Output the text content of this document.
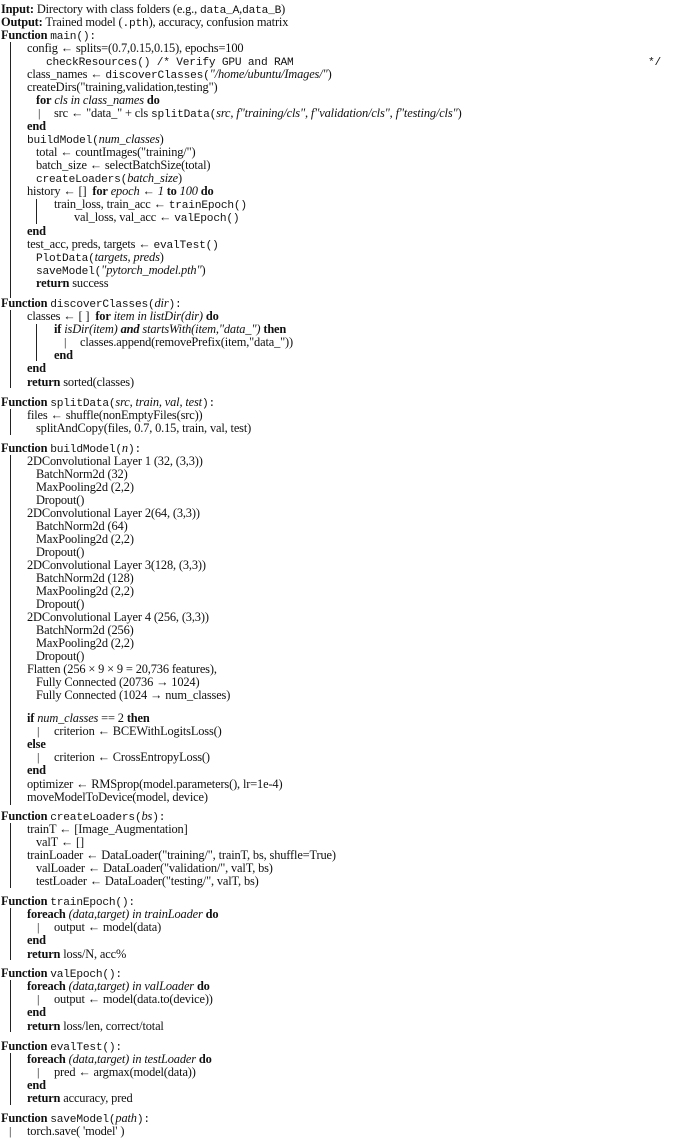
Input: Directory with class folders (e.g., data_A,data_B)
Output: Trained model (.pth), accuracy, confusion matrix
Function main():
config ← splits=(0.7,0.15,0.15), epochs=100
checkResources() /* Verify GPU and RAM	*/
class_names ← discoverClasses("/home/ubuntu/Images/")
createDirs("training,validation,testing")
for cls in class_names do
| src ← "data_" + cls splitData(src, f"training/cls", f"validation/cls", f"testing/cls")
end
buildModel(num_classes)
total ← countImages("training/")
batch_size ← selectBatchSize(total)
createLoaders(batch_size)
history ← [] for epoch ← 1 to 100 do
train_loss, train_acc ← trainEpoch()
val_loss, val_acc ← valEpoch()
end
test_acc, preds, targets ← evalTest()
PlotData(targets, preds)
saveModel("pytorch_model.pth")
return success
Function discoverClasses(dir):
classes ← [ ] for item in listDir(dir) do
if isDir(item) and startsWith(item,"data_") then
| classes.append(removePrefix(item,"data_"))
end
end
return sorted(classes)
Function splitData(src, train, val, test):
files ← shuffle(nonEmptyFiles(src))
splitAndCopy(files, 0.7, 0.15, train, val, test)
Function buildModel(n):
2DConvolutional Layer 1 (32, (3,3))
BatchNorm2d (32)
MaxPooling2d (2,2)
Dropout()
2DConvolutional Layer 2(64, (3,3))
BatchNorm2d (64)
MaxPooling2d (2,2)
Dropout()
2DConvolutional Layer 3(128, (3,3))
BatchNorm2d (128)
MaxPooling2d (2,2)
Dropout()
2DConvolutional Layer 4 (256, (3,3))
BatchNorm2d (256)
MaxPooling2d (2,2)
Dropout()
Flatten (256 × 9 × 9 = 20,736 features),
Fully Connected (20736 → 1024)
Fully Connected (1024 → num_classes)
if num_classes == 2 then
| criterion ← BCEWithLogitsLoss()
else
| criterion ← CrossEntropyLoss()
end
optimizer ← RMSprop(model.parameters(), lr=1e-4)
moveModelToDevice(model, device)
Function createLoaders(bs):
trainT ← [Image_Augmentation]
valT ← []
trainLoader ← DataLoader("training/", trainT, bs, shuffle=True)
valLoader ← DataLoader("validation/", valT, bs)
testLoader ← DataLoader("testing/", valT, bs)
Function trainEpoch():
foreach (data,target) in trainLoader do
| output ← model(data)
end
return loss/N, acc%
Function valEpoch():
foreach (data,target) in valLoader do
| output ← model(data.to(device))
end
return loss/len, correct/total
Function evalTest():
foreach (data,target) in testLoader do
| pred ← argmax(model(data))
end
return accuracy, pred
Function saveModel(path):
| torch.save( 'model' )
